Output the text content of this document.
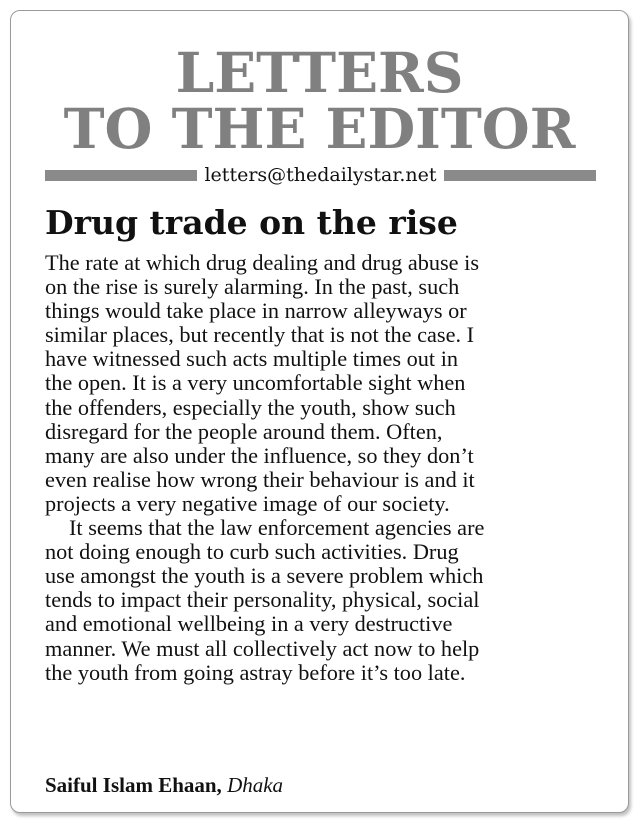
LETTERS
TO THE EDITOR
letters@thedailystar.net
Drug trade on the rise

The rate at which drug dealing and drug abuse is
on the rise is surely alarming. In the past, such
things would take place in narrow alleyways or
similar places, but recently that is not the case. I
have witnessed such acts multiple times out in
the open. It is a very uncomfortable sight when
the offenders, especially the youth, show such
disregard for the people around them. Often,
many are also under the influence, so they don’t
even realise how wrong their behaviour is and it
projects a very negative image of our society.

It seems that the law enforcement agencies are
not doing enough to curb such activities. Drug
use amongst the youth is a severe problem which
tends to impact their personality, physical, social
and emotional wellbeing in a very destructive
manner. We must all collectively act now to help
the youth from going astray before it’s too late.

Saiful Islam Ehaan, Dhaka
